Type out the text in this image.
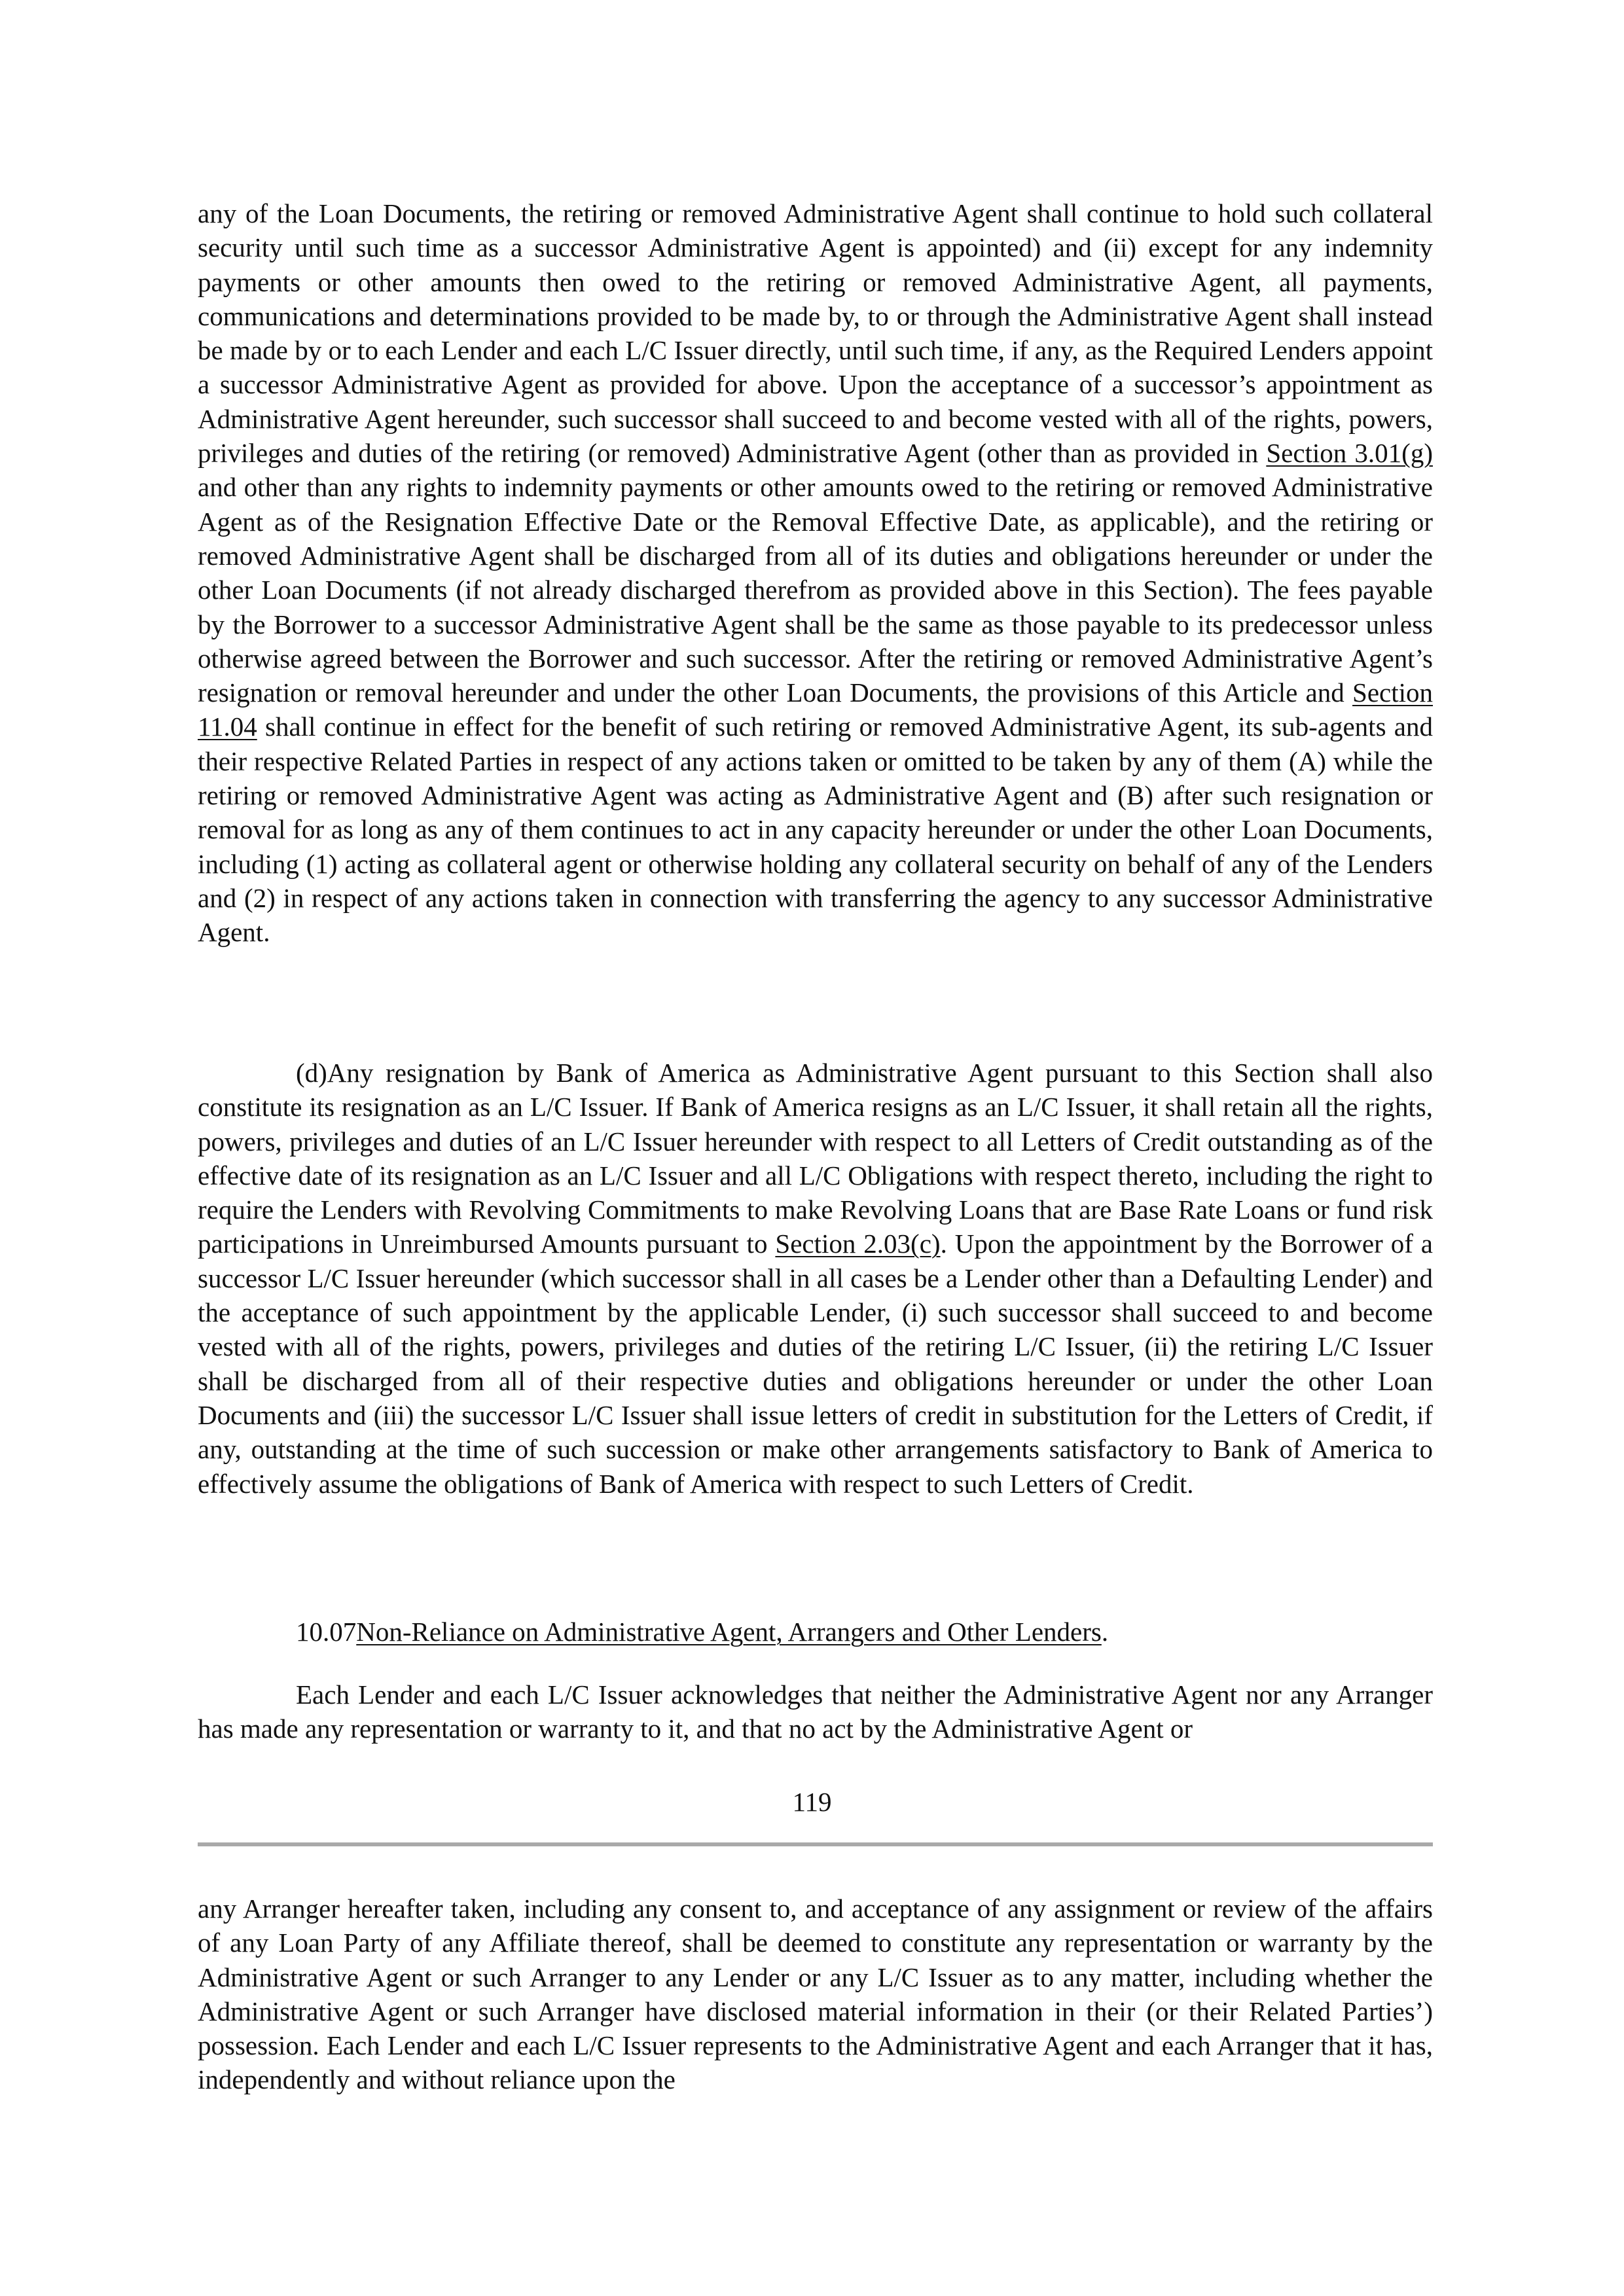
any of the Loan Documents, the retiring or removed Administrative Agent shall continue to hold such collateral security until such time as a successor Administrative Agent is appointed) and (ii) except for any indemnity payments or other amounts then owed to the retiring or removed Administrative Agent, all payments, communications and determinations provided to be made by, to or through the Administrative Agent shall instead be made by or to each Lender and each L/C Issuer directly, until such time, if any, as the Required Lenders appoint a successor Administrative Agent as provided for above. Upon the acceptance of a successor’s appointment as Administrative Agent hereunder, such successor shall succeed to and become vested with all of the rights, powers, privileges and duties of the retiring (or removed) Administrative Agent (other than as provided in Section 3.01(g) and other than any rights to indemnity payments or other amounts owed to the retiring or removed Administrative Agent as of the Resignation Effective Date or the Removal Effective Date, as applicable), and the retiring or removed Administrative Agent shall be discharged from all of its duties and obligations hereunder or under the other Loan Documents (if not already discharged therefrom as provided above in this Section). The fees payable by the Borrower to a successor Administrative Agent shall be the same as those payable to its predecessor unless otherwise agreed between the Borrower and such successor. After the retiring or removed Administrative Agent’s resignation or removal hereunder and under the other Loan Documents, the provisions of this Article and Section 11.04 shall continue in effect for the benefit of such retiring or removed Administrative Agent, its sub-agents and their respective Related Parties in respect of any actions taken or omitted to be taken by any of them (A) while the retiring or removed Administrative Agent was acting as Administrative Agent and (B) after such resignation or removal for as long as any of them continues to act in any capacity hereunder or under the other Loan Documents, including (1) acting as collateral agent or otherwise holding any collateral security on behalf of any of the Lenders and (2) in respect of any actions taken in connection with transferring the agency to any successor Administrative Agent.

(d)Any resignation by Bank of America as Administrative Agent pursuant to this Section shall also constitute its resignation as an L/C Issuer. If Bank of America resigns as an L/C Issuer, it shall retain all the rights, powers, privileges and duties of an L/C Issuer hereunder with respect to all Letters of Credit outstanding as of the effective date of its resignation as an L/C Issuer and all L/C Obligations with respect thereto, including the right to require the Lenders with Revolving Commitments to make Revolving Loans that are Base Rate Loans or fund risk participations in Unreimbursed Amounts pursuant to Section 2.03(c). Upon the appointment by the Borrower of a successor L/C Issuer hereunder (which successor shall in all cases be a Lender other than a Defaulting Lender) and the acceptance of such appointment by the applicable Lender, (i) such successor shall succeed to and become vested with all of the rights, powers, privileges and duties of the retiring L/C Issuer, (ii) the retiring L/C Issuer shall be discharged from all of their respective duties and obligations hereunder or under the other Loan Documents and (iii) the successor L/C Issuer shall issue letters of credit in substitution for the Letters of Credit, if any, outstanding at the time of such succession or make other arrangements satisfactory to Bank of America to effectively assume the obligations of Bank of America with respect to such Letters of Credit.

10.07Non-Reliance on Administrative Agent, Arrangers and Other Lenders.

Each Lender and each L/C Issuer acknowledges that neither the Administrative Agent nor any Arranger has made any representation or warranty to it, and that no act by the Administrative Agent or

119

any Arranger hereafter taken, including any consent to, and acceptance of any assignment or review of the affairs of any Loan Party of any Affiliate thereof, shall be deemed to constitute any representation or warranty by the Administrative Agent or such Arranger to any Lender or any L/C Issuer as to any matter, including whether the Administrative Agent or such Arranger have disclosed material information in their (or their Related Parties’) possession. Each Lender and each L/C Issuer represents to the Administrative Agent and each Arranger that it has, independently and without reliance upon the
